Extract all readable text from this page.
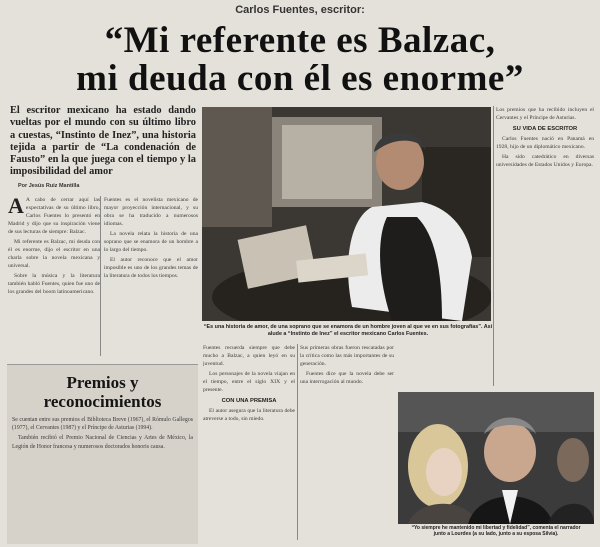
Carlos Fuentes, escritor:
“Mi referente es Balzac,
mi deuda con él es enorme”
El escritor mexicano ha estado dando vueltas por el mundo con su último libro a cuestas, “Instinto de Inez”, una historia tejida a partir de “La condenación de Fausto” en la que juega con el tiempo y la imposibilidad del amor
Por Jesús Ruiz Mantilla
A A cabo de cerrar aquí las expectativas de su último libro, Carlos Fuentes lo presentó en Madrid y dijo que su inspiración viene de sus lecturas de siempre: Balzac.

Mi referente es Balzac, mi deuda con él es enorme, dijo el escritor en una charla sobre la novela mexicana y universal.

Sobre la música y la literatura también habló Fuentes, quien fue uno de los grandes del boom latinoamericano.

Fuentes es el novelista mexicano de mayor proyección internacional, y su obra se ha traducido a numerosos idiomas.

La novela relata la historia de una soprano que se enamora de un hombre a lo largo del tiempo.

El autor reconoce que el amor imposible es uno de los grandes temas de la literatura de todos los tiempos.

“Es una historia de amor, de una soprano que se enamora de un hombre joven al que ve en sus fotografías”. Así
alude a “Instinto de Inez” el escritor mexicano Carlos Fuentes.

Los premios que ha recibido incluyen el Cervantes y el Príncipe de Asturias.

SU VIDA DE ESCRITOR

Carlos Fuentes nació en Panamá en 1928, hijo de un diplomático mexicano.

Ha sido catedrático en diversas universidades de Estados Unidos y Europa.

Premios y
reconocimientos

Se cuentan entre sus premios el Biblioteca Breve (1967), el Rómulo Gallegos (1977), el Cervantes (1987) y el Príncipe de Asturias (1994).

También recibió el Premio Nacional de Ciencias y Artes de México, la Legión de Honor francesa y numerosos doctorados honoris causa.

Fuentes recuerda siempre que debe mucho a Balzac, a quien leyó en su juventud.

Los personajes de la novela viajan en el tiempo, entre el siglo XIX y el presente.

CON UNA PREMISA

El autor asegura que la literatura debe atreverse a todo, sin miedo.

Sus primeras obras fueron rescatadas por la crítica como las más importantes de su generación.

Fuentes dice que la novela debe ser una interrogación al mundo.

“Yo siempre he mantenido mi libertad y fidelidad”, comenta el narrador
junto a Lourdes (a su lado, junto a su esposa Silvia).
